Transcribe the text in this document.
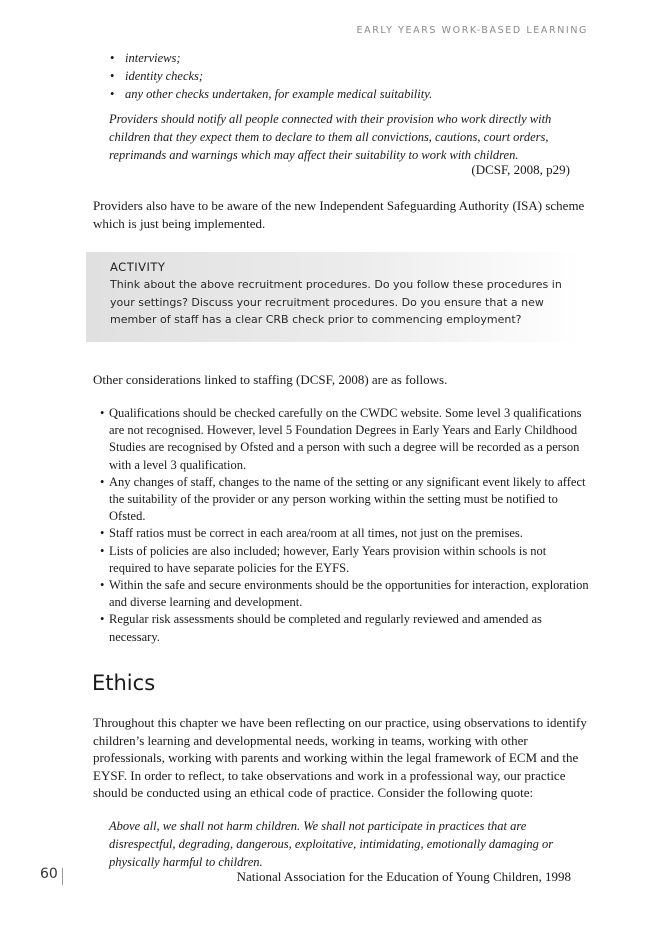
EARLY YEARS WORK-BASED LEARNING
• interviews;
• identity checks;
• any other checks undertaken, for example medical suitability.

Providers should notify all people connected with their provision who work directly with children that they expect them to declare to them all convictions, cautions, court orders, reprimands and warnings which may affect their suitability to work with children.

(DCSF, 2008, p29)

Providers also have to be aware of the new Independent Safeguarding Authority (ISA) scheme which is just being implemented.

ACTIVITY

Think about the above recruitment procedures. Do you follow these procedures in your settings? Discuss your recruitment procedures. Do you ensure that a new member of staff has a clear CRB check prior to commencing employment?

Other considerations linked to staffing (DCSF, 2008) are as follows.

• Qualifications should be checked carefully on the CWDC website. Some level 3 qualifications are not recognised. However, level 5 Foundation Degrees in Early Years and Early Childhood Studies are recognised by Ofsted and a person with such a degree will be recorded as a person with a level 3 qualification.
• Any changes of staff, changes to the name of the setting or any significant event likely to affect the suitability of the provider or any person working within the setting must be notified to Ofsted.
• Staff ratios must be correct in each area/room at all times, not just on the premises.
• Lists of policies are also included; however, Early Years provision within schools is not required to have separate policies for the EYFS.
• Within the safe and secure environments should be the opportunities for interaction, exploration and diverse learning and development.
• Regular risk assessments should be completed and regularly reviewed and amended as necessary.
Ethics

Throughout this chapter we have been reflecting on our practice, using observations to identify children’s learning and developmental needs, working in teams, working with other professionals, working with parents and working within the legal framework of ECM and the EYSF. In order to reflect, to take observations and work in a professional way, our practice should be conducted using an ethical code of practice. Consider the following quote:

Above all, we shall not harm children. We shall not participate in practices that are disrespectful, degrading, dangerous, exploitative, intimidating, emotionally damaging or physically harmful to children.

National Association for the Education of Young Children, 1998
60
